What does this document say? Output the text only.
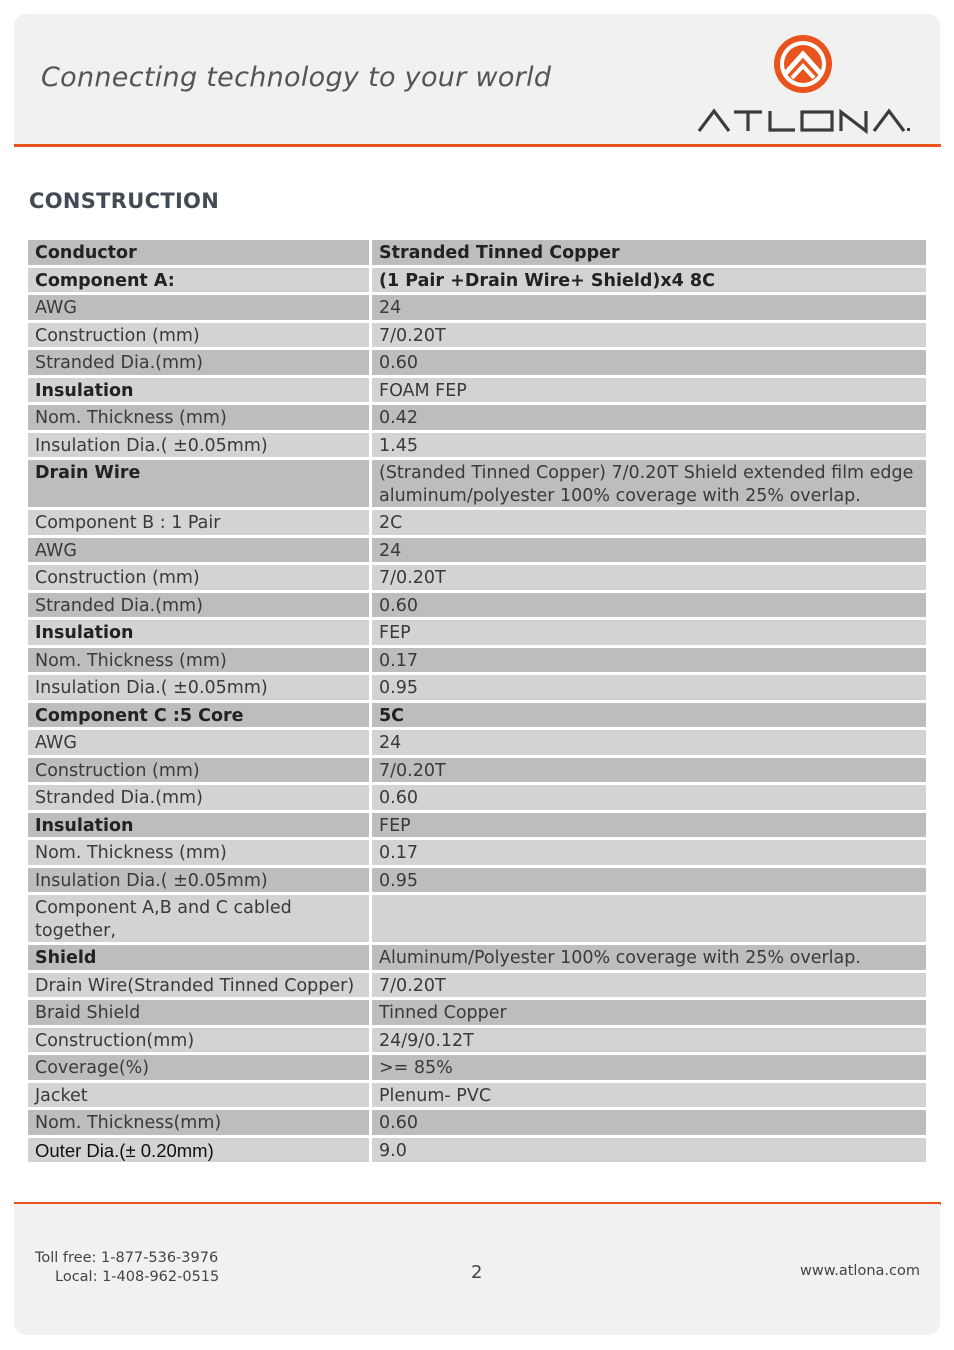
Connecting technology to your world
CONSTRUCTION
Conductor	Stranded Tinned Copper
Component A:	(1 Pair +Drain Wire+ Shield)x4 8C
AWG	24
Construction (mm)	7/0.20T
Stranded Dia.(mm)	0.60
Insulation	FOAM FEP
Nom. Thickness (mm)	0.42
Insulation Dia.( ±0.05mm)	1.45
Drain Wire	(Stranded Tinned Copper) 7/0.20T Shield extended film edge aluminum/polyester 100% coverage with 25% overlap.
Component B : 1 Pair	2C
AWG	24
Construction (mm)	7/0.20T
Stranded Dia.(mm)	0.60
Insulation	FEP
Nom. Thickness (mm)	0.17
Insulation Dia.( ±0.05mm)	0.95
Component C :5 Core	5C
AWG	24
Construction (mm)	7/0.20T
Stranded Dia.(mm)	0.60
Insulation	FEP
Nom. Thickness (mm)	0.17
Insulation Dia.( ±0.05mm)	0.95
Component A,B and C cabled together,	
Shield	Aluminum/Polyester 100% coverage with 25% overlap.
Drain Wire(Stranded Tinned Copper)	7/0.20T
Braid Shield	Tinned Copper
Construction(mm)	24/9/0.12T
Coverage(%)	>= 85%
Jacket	Plenum- PVC
Nom. Thickness(mm)	0.60
Outer Dia.(± 0.20mm)	9.0
Toll free: 1-877-536-3976
Local: 1-408-962-0515	2	www.atlona.com
